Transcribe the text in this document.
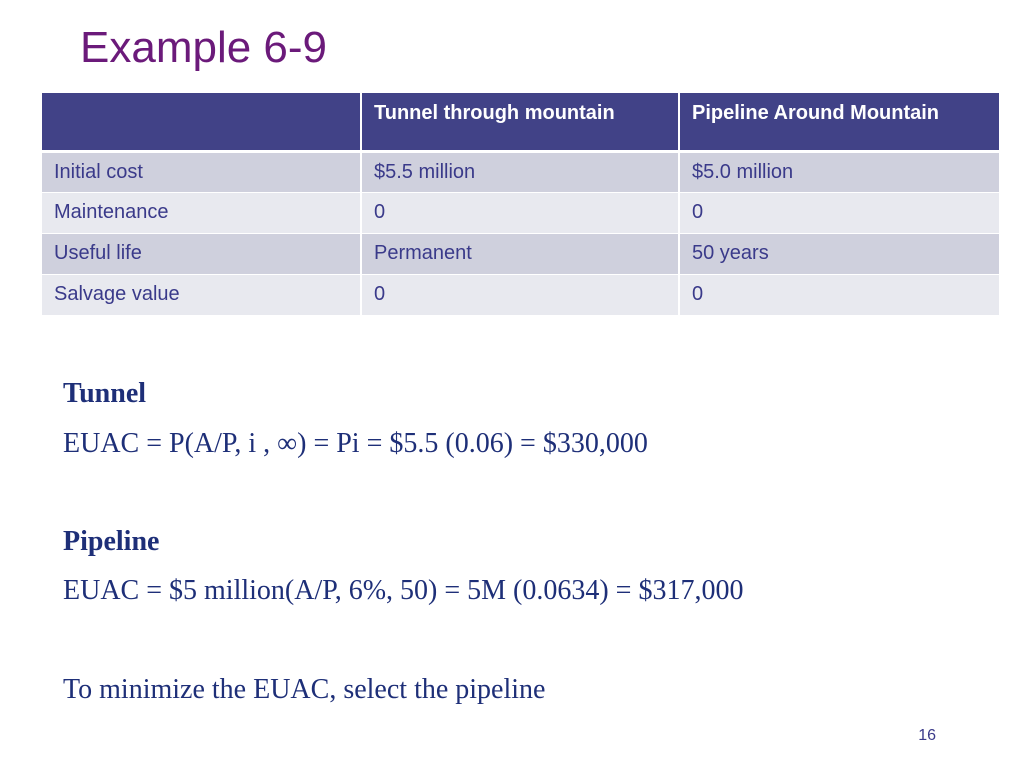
Example 6-9
	Tunnel through mountain	Pipeline Around Mountain
Initial cost	$5.5 million	$5.0 million
Maintenance	0	0
Useful life	Permanent	50 years
Salvage value	0	0
Tunnel
EUAC = P(A/P, i , ∞) = Pi = $5.5 (0.06) = $330,000
Pipeline
EUAC = $5 million(A/P, 6%, 50) = 5M (0.0634) = $317,000
To minimize the EUAC, select the pipeline
16
